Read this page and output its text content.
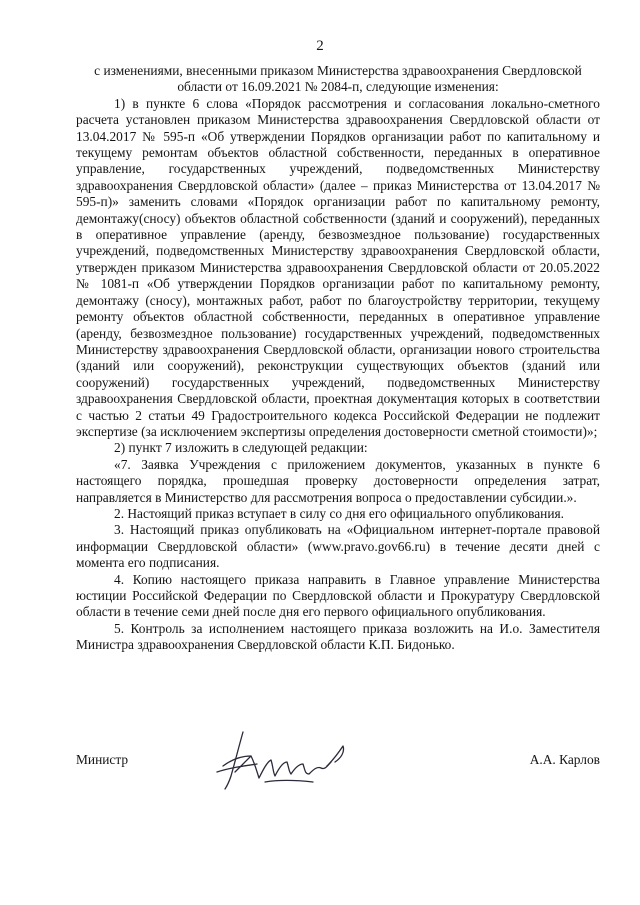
2

с изменениями, внесенными приказом Министерства здравоохранения Свердловской области от 16.09.2021 № 2084-п, следующие изменения:

1) в пункте 6 слова «Порядок рассмотрения и согласования локально-сметного расчета установлен приказом Министерства здравоохранения Свердловской области от 13.04.2017 № 595-п «Об утверждении Порядков организации работ по капитальному и текущему ремонтам объектов областной собственности, переданных в оперативное управление, государственных учреждений, подведомственных Министерству здравоохранения Свердловской области» (далее – приказ Министерства от 13.04.2017 № 595-п)» заменить словами «Порядок организации работ по капитальному ремонту, демонтажу(сносу) объектов областной собственности (зданий и сооружений), переданных в оперативное управление (аренду, безвозмездное пользование) государственных учреждений, подведомственных Министерству здравоохранения Свердловской области, утвержден приказом Министерства здравоохранения Свердловской области от 20.05.2022 № 1081-п «Об утверждении Порядков организации работ по капитальному ремонту, демонтажу (сносу), монтажных работ, работ по благоустройству территории, текущему ремонту объектов областной собственности, переданных в оперативное управление (аренду, безвозмездное пользование) государственных учреждений, подведомственных Министерству здравоохранения Свердловской области, организации нового строительства (зданий или сооружений), реконструкции существующих объектов (зданий или сооружений) государственных учреждений, подведомственных Министерству здравоохранения Свердловской области, проектная документация которых в соответствии с частью 2 статьи 49 Градостроительного кодекса Российской Федерации не подлежит экспертизе (за исключением экспертизы определения достоверности сметной стоимости)»;

2) пункт 7 изложить в следующей редакции:

«7. Заявка Учреждения с приложением документов, указанных в пункте 6 настоящего порядка, прошедшая проверку достоверности определения затрат, направляется в Министерство для рассмотрения вопроса о предоставлении субсидии.».

2. Настоящий приказ вступает в силу со дня его официального опубликования.

3. Настоящий приказ опубликовать на «Официальном интернет-портале правовой информации Свердловской области» (www.pravo.gov66.ru) в течение десяти дней с момента его подписания.

4. Копию настоящего приказа направить в Главное управление Министерства юстиции Российской Федерации по Свердловской области и Прокуратуру Свердловской области в течение семи дней после дня его первого официального опубликования.

5. Контроль за исполнением настоящего приказа возложить на И.о. Заместителя Министра здравоохранения Свердловской области К.П. Бидонько.

Министр	А.А. Карлов
